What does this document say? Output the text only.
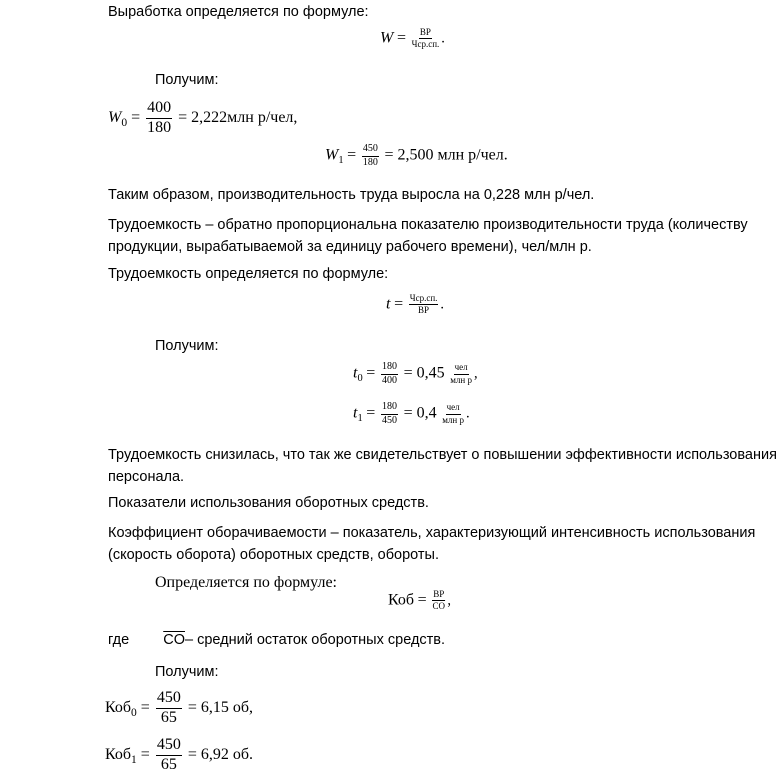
Выработка определяется по формуле:
$W = \frac{ВР}{\text{Чср.сп.}}$ .
Получим:
$W_0 = \frac{400}{180} = 2,222млн$ р/чел,
$W_1 = \frac{450}{180} = 2,500$ млн р/чел.
Таким образом, производительность труда выросла на 0,228 млн р/чел.
Трудоемкость – обратно пропорциональна показателю производительности труда (количеству
продукции, вырабатываемой за единицу рабочего времени), чел/млн р.
Трудоемкость определяется по формуле:
$t = \frac{\text{Чср.сп.}}{ВР}$ .
Получим:
$t_0 = \frac{180}{400} = 0,45 \frac{\text{чел}}{\text{млн р}}$ ,
$t_1 = \frac{180}{450} = 0,4 \frac{\text{чел}}{\text{млн р}}$ .
Трудоемкость снизилась, что так же свидетельствует о повышении эффективности использования
персонала.
Показатели использования оборотных средств.
Коэффициент оборачиваемости – показатель, характеризующий интенсивность использования
(скорость оборота) оборотных средств, обороты.
Определяется по формуле:
Коб = $\frac{ВР}{CO}$ ,
где $\overline{CO}-$ средний остаток оборотных средств.
Получим:
$Коб_0 = \frac{450}{65} = 6,15$ об,
$Коб_1 = \frac{450}{65} = 6,92$ об.
